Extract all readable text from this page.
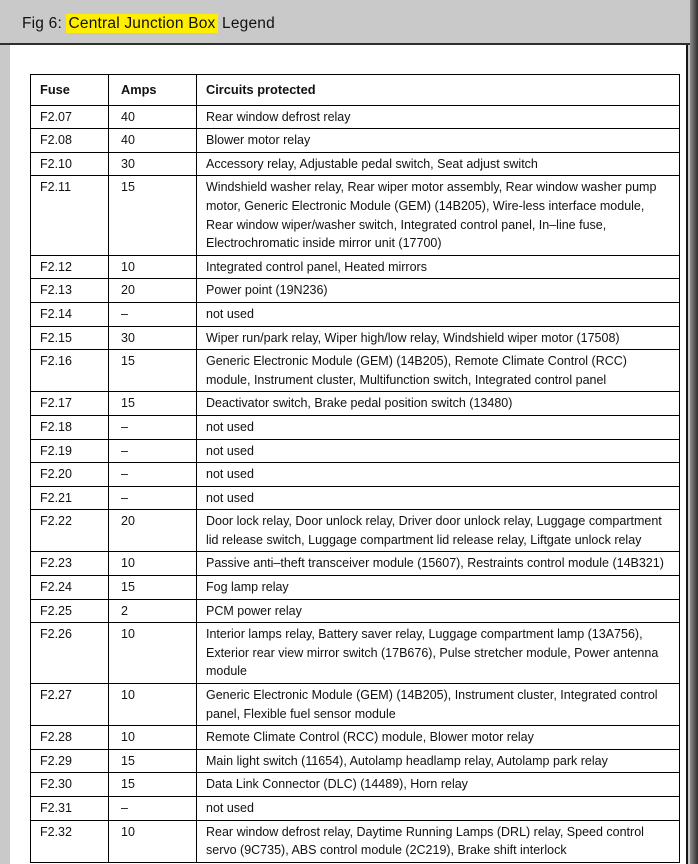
Fig 6: Central Junction Box Legend
Fuse	Amps	Circuits protected
F2.07	40	Rear window defrost relay
F2.08	40	Blower motor relay
F2.10	30	Accessory relay, Adjustable pedal switch, Seat adjust switch
F2.11	15	Windshield washer relay, Rear wiper motor assembly, Rear window washer pump motor, Generic Electronic Module (GEM) (14B205), Wire-less interface module, Rear window wiper/washer switch, Integrated control panel, In–line fuse, Electrochromatic inside mirror unit (17700)
F2.12	10	Integrated control panel, Heated mirrors
F2.13	20	Power point (19N236)
F2.14	–	not used
F2.15	30	Wiper run/park relay, Wiper high/low relay, Windshield wiper motor (17508)
F2.16	15	Generic Electronic Module (GEM) (14B205), Remote Climate Control (RCC) module, Instrument cluster, Multifunction switch, Integrated control panel
F2.17	15	Deactivator switch, Brake pedal position switch (13480)
F2.18	–	not used
F2.19	–	not used
F2.20	–	not used
F2.21	–	not used
F2.22	20	Door lock relay, Door unlock relay, Driver door unlock relay, Luggage compartment lid release switch, Luggage compartment lid release relay, Liftgate unlock relay
F2.23	10	Passive anti–theft transceiver module (15607), Restraints control module (14B321)
F2.24	15	Fog lamp relay
F2.25	2	PCM power relay
F2.26	10	Interior lamps relay, Battery saver relay, Luggage compartment lamp (13A756), Exterior rear view mirror switch (17B676), Pulse stretcher module, Power antenna module
F2.27	10	Generic Electronic Module (GEM) (14B205), Instrument cluster, Integrated control panel, Flexible fuel sensor module
F2.28	10	Remote Climate Control (RCC) module, Blower motor relay
F2.29	15	Main light switch (11654), Autolamp headlamp relay, Autolamp park relay
F2.30	15	Data Link Connector (DLC) (14489), Horn relay
F2.31	–	not used
F2.32	10	Rear window defrost relay, Daytime Running Lamps (DRL) relay, Speed control servo (9C735), ABS control module (2C219), Brake shift interlock
